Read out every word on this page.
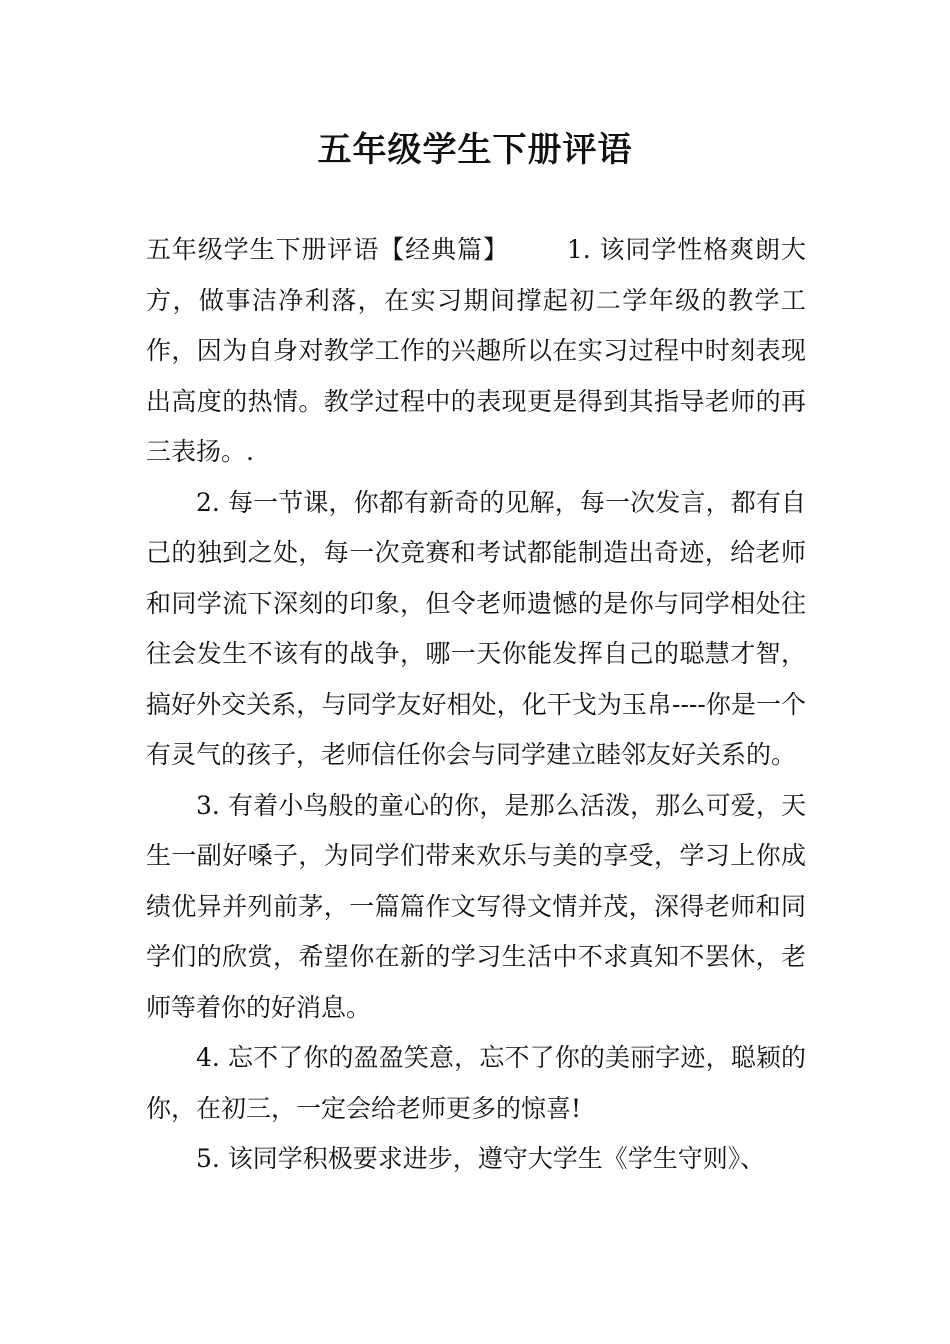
五年级学生下册评语

五年级学生下册评语【经典篇】 1. 该同学性格爽朗大方，做事洁净利落，在实习期间撑起初二学年级的教学工作，因为自身对教学工作的兴趣所以在实习过程中时刻表现出高度的热情。教学过程中的表现更是得到其指导老师的再三表扬。.

2. 每一节课，你都有新奇的见解，每一次发言，都有自己的独到之处，每一次竞赛和考试都能制造出奇迹，给老师和同学流下深刻的印象，但令老师遗憾的是你与同学相处往往会发生不该有的战争，哪一天你能发挥自己的聪慧才智，搞好外交关系，与同学友好相处，化干戈为玉帛----你是一个有灵气的孩子，老师信任你会与同学建立睦邻友好关系的。

3. 有着小鸟般的童心的你，是那么活泼，那么可爱，天生一副好嗓子，为同学们带来欢乐与美的享受，学习上你成绩优异并列前茅，一篇篇作文写得文情并茂，深得老师和同学们的欣赏，希望你在新的学习生活中不求真知不罢休，老师等着你的好消息。

4. 忘不了你的盈盈笑意，忘不了你的美丽字迹，聪颖的你，在初三，一定会给老师更多的惊喜!

5. 该同学积极要求进步，遵守大学生《学生守则》、
